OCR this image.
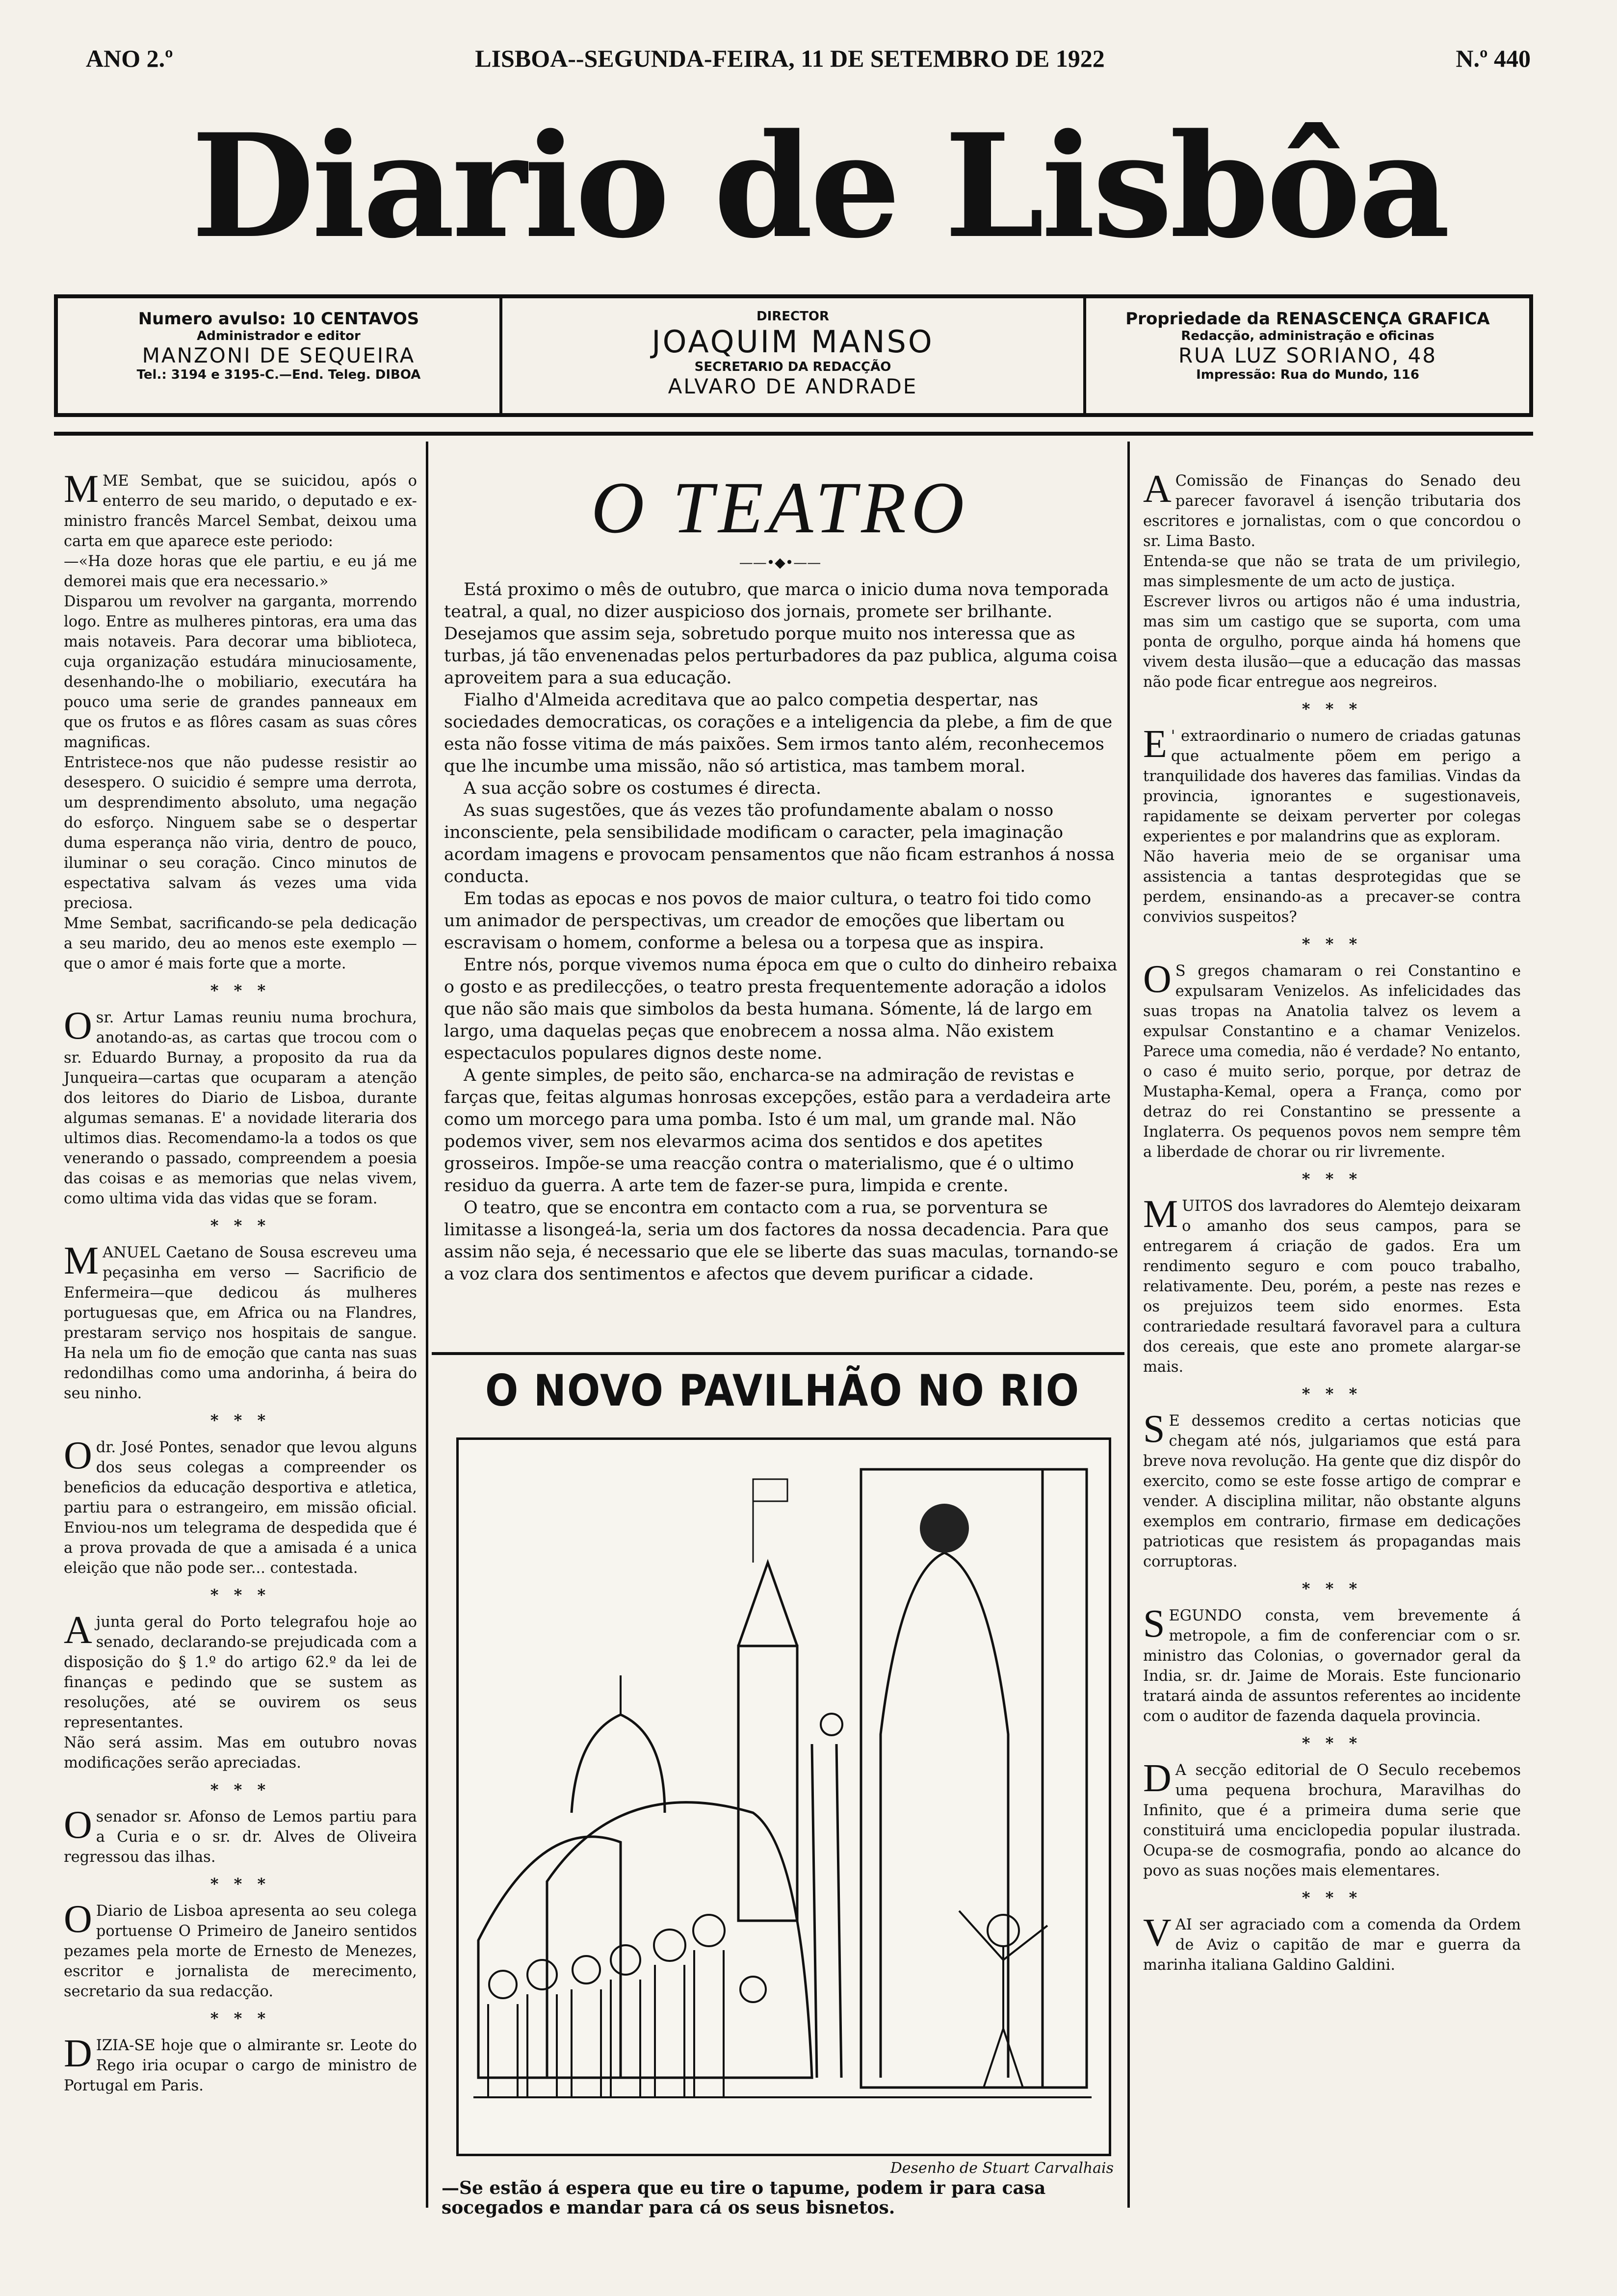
ANO 2.º	LISBOA--SEGUNDA-FEIRA, 11 DE SETEMBRO DE 1922	N.º 440
Diario de Lisbôa
Numero avulso: 10 CENTAVOS
Administrador e editor
MANZONI DE SEQUEIRA
Tel.: 3194 e 3195-C.—End. Teleg. DIBOA
DIRECTOR
JOAQUIM MANSO
SECRETARIO DA REDACÇÃO
ALVARO DE ANDRADE
Propriedade da RENASCENÇA GRAFICA
Redacção, administração e oficinas
RUA LUZ SORIANO, 48
Impressão: Rua do Mundo, 116

MME Sembat, que se suicidou, após o enterro de seu marido, o deputado e ex-ministro francês Marcel Sembat, deixou uma carta em que aparece este periodo:

—«Ha doze horas que ele partiu, e eu já me demorei mais que era necessario.»

Disparou um revolver na garganta, morrendo logo. Entre as mulheres pintoras, era uma das mais notaveis. Para decorar uma biblioteca, cuja organização estudára minuciosamente, desenhando-lhe o mobiliario, executára ha pouco uma serie de grandes panneaux em que os frutos e as flôres casam as suas côres magnificas.

Entristece-nos que não pudesse resistir ao desespero. O suicidio é sempre uma derrota, um desprendimento absoluto, uma negação do esforço. Ninguem sabe se o despertar duma esperança não viria, dentro de pouco, iluminar o seu coração. Cinco minutos de espectativa salvam ás vezes uma vida preciosa.

Mme Sembat, sacrificando-se pela dedicação a seu marido, deu ao menos este exemplo — que o amor é mais forte que a morte.

* * *

O sr. Artur Lamas reuniu numa brochura, anotando-as, as cartas que trocou com o sr. Eduardo Burnay, a proposito da rua da Junqueira—cartas que ocuparam a atenção dos leitores do Diario de Lisboa, durante algumas semanas. E' a novidade literaria dos ultimos dias. Recomendamo-la a todos os que venerando o passado, compreendem a poesia das coisas e as memorias que nelas vivem, como ultima vida das vidas que se foram.

* * *

MANUEL Caetano de Sousa escreveu uma peçasinha em verso — Sacrificio de Enfermeira—que dedicou ás mulheres portuguesas que, em Africa ou na Flandres, prestaram serviço nos hospitais de sangue. Ha nela um fio de emoção que canta nas suas redondilhas como uma andorinha, á beira do seu ninho.

* * *

O dr. José Pontes, senador que levou alguns dos seus colegas a compreender os beneficios da educação desportiva e atletica, partiu para o estrangeiro, em missão oficial. Enviou-nos um telegrama de despedida que é a prova provada de que a amisada é a unica eleição que não pode ser... contestada.

* * *

A junta geral do Porto telegrafou hoje ao senado, declarando-se prejudicada com a disposição do § 1.º do artigo 62.º da lei de finanças e pedindo que se sustem as resoluções, até se ouvirem os seus representantes.

Não será assim. Mas em outubro novas modificações serão apreciadas.

* * *

O senador sr. Afonso de Lemos partiu para a Curia e o sr. dr. Alves de Oliveira regressou das ilhas.

* * *

O Diario de Lisboa apresenta ao seu colega portuense O Primeiro de Janeiro sentidos pezames pela morte de Ernesto de Menezes, escritor e jornalista de merecimento, secretario da sua redacção.

* * *

DIZIA-SE hoje que o almirante sr. Leote do Rego iria ocupar o cargo de ministro de Portugal em Paris.

O TEATRO
——•◆•——

Está proximo o mês de outubro, que marca o inicio duma nova temporada teatral, a qual, no dizer auspicioso dos jornais, promete ser brilhante. Desejamos que assim seja, sobretudo porque muito nos interessa que as turbas, já tão envenenadas pelos perturbadores da paz publica, alguma coisa aproveitem para a sua educação.

Fialho d'Almeida acreditava que ao palco competia despertar, nas sociedades democraticas, os corações e a inteligencia da plebe, a fim de que esta não fosse vitima de más paixões. Sem irmos tanto além, reconhecemos que lhe incumbe uma missão, não só artistica, mas tambem moral.

A sua acção sobre os costumes é directa.

As suas sugestões, que ás vezes tão profundamente abalam o nosso inconsciente, pela sensibilidade modificam o caracter, pela imaginação acordam imagens e provocam pensamentos que não ficam estranhos á nossa conducta.

Em todas as epocas e nos povos de maior cultura, o teatro foi tido como um animador de perspectivas, um creador de emoções que libertam ou escravisam o homem, conforme a belesa ou a torpesa que as inspira.

Entre nós, porque vivemos numa época em que o culto do dinheiro rebaixa o gosto e as predilecções, o teatro presta frequentemente adoração a idolos que não são mais que simbolos da besta humana. Sómente, lá de largo em largo, uma daquelas peças que enobrecem a nossa alma. Não existem espectaculos populares dignos deste nome.

A gente simples, de peito são, encharca-se na admiração de revistas e farças que, feitas algumas honrosas excepções, estão para a verdadeira arte como um morcego para uma pomba. Isto é um mal, um grande mal. Não podemos viver, sem nos elevarmos acima dos sentidos e dos apetites grosseiros. Impõe-se uma reacção contra o materialismo, que é o ultimo residuo da guerra. A arte tem de fazer-se pura, limpida e crente.

O teatro, que se encontra em contacto com a rua, se porventura se limitasse a lisongeá-la, seria um dos factores da nossa decadencia. Para que assim não seja, é necessario que ele se liberte das suas maculas, tornando-se a voz clara dos sentimentos e afectos que devem purificar a cidade.

O NOVO PAVILHÃO NO RIO
Desenho de Stuart Carvalhais
—Se estão á espera que eu tire o tapume, podem ir para casa socegados e mandar para cá os seus bisnetos.

A Comissão de Finanças do Senado deu parecer favoravel á isenção tributaria dos escritores e jornalistas, com o que concordou o sr. Lima Basto.

Entenda-se que não se trata de um privilegio, mas simplesmente de um acto de justiça.

Escrever livros ou artigos não é uma industria, mas sim um castigo que se suporta, com uma ponta de orgulho, porque ainda há homens que vivem desta ilusão—que a educação das massas não pode ficar entregue aos negreiros.

* * *

E ' extraordinario o numero de criadas gatunas que actualmente põem em perigo a tranquilidade dos haveres das familias. Vindas da provincia, ignorantes e sugestionaveis, rapidamente se deixam perverter por colegas experientes e por malandrins que as exploram.

Não haveria meio de se organisar uma assistencia a tantas desprotegidas que se perdem, ensinando-as a precaver-se contra convivios suspeitos?

* * *

O S gregos chamaram o rei Constantino e expulsaram Venizelos. As infelicidades das suas tropas na Anatolia talvez os levem a expulsar Constantino e a chamar Venizelos. Parece uma comedia, não é verdade? No entanto, o caso é muito serio, porque, por detraz de Mustapha-Kemal, opera a França, como por detraz do rei Constantino se pressente a Inglaterra. Os pequenos povos nem sempre têm a liberdade de chorar ou rir livremente.

* * *

MUITOS dos lavradores do Alemtejo deixaram o amanho dos seus campos, para se entregarem á criação de gados. Era um rendimento seguro e com pouco trabalho, relativamente. Deu, porém, a peste nas rezes e os prejuizos teem sido enormes. Esta contrariedade resultará favoravel para a cultura dos cereais, que este ano promete alargar-se mais.

* * *

S E dessemos credito a certas noticias que chegam até nós, julgariamos que está para breve nova revolução. Ha gente que diz dispôr do exercito, como se este fosse artigo de comprar e vender. A disciplina militar, não obstante alguns exemplos em contrario, firmase em dedicações patrioticas que resistem ás propagandas mais corruptoras.

* * *

SEGUNDO consta, vem brevemente á metropole, a fim de conferenciar com o sr. ministro das Colonias, o governador geral da India, sr. dr. Jaime de Morais. Este funcionario tratará ainda de assuntos referentes ao incidente com o auditor de fazenda daquela provincia.

* * *

D A secção editorial de O Seculo recebemos uma pequena brochura, Maravilhas do Infinito, que é a primeira duma serie que constituirá uma enciclopedia popular ilustrada. Ocupa-se de cosmografia, pondo ao alcance do povo as suas noções mais elementares.

* * *

VAI ser agraciado com a comenda da Ordem de Aviz o capitão de mar e guerra da marinha italiana Galdino Galdini.
